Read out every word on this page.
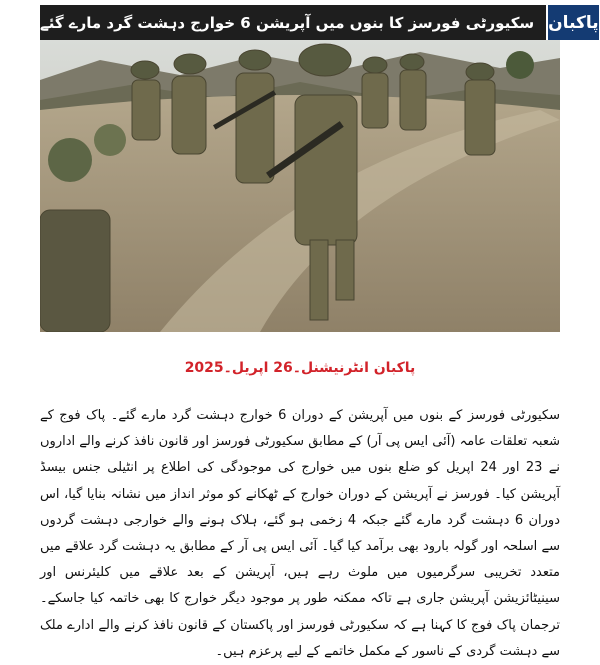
سکیورٹی فورسز کا بنوں میں آپریشن 6 خوارج دہشت گرد مارے گئے پاکبان
پاکبان انٹرنیشنل۔26 اپریل۔2025

سکیورٹی فورسز کے بنوں میں آپریشن کے دوران 6 خوارج دہشت گرد مارے گئے۔ پاک فوج کے شعبہ تعلقات عامہ (آئی ایس پی آر) کے مطابق سکیورٹی فورسز اور قانون نافذ کرنے والے اداروں نے 23 اور 24 اپریل کو ضلع بنوں میں خوارج کی موجودگی کی اطلاع پر انٹیلی جنس بیسڈ آپریشن کیا۔ فورسز نے آپریشن کے دوران خوارج کے ٹھکانے کو موثر انداز میں نشانہ بنایا گیا، اس دوران 6 دہشت گرد مارے گئے جبکہ 4 زخمی ہو گئے، ہلاک ہونے والے خوارجی دہشت گردوں سے اسلحہ اور گولہ بارود بھی برآمد کیا گیا۔ آئی ایس پی آر کے مطابق یہ دہشت گرد علاقے میں متعدد تخریبی سرگرمیوں میں ملوث رہے ہیں، آپریشن کے بعد علاقے میں کلیئرنس اور سینیٹائزیشن آپریشن جاری ہے تاکہ ممکنہ طور پر موجود دیگر خوارج کا بھی خاتمہ کیا جاسکے۔ ترجمان پاک فوج کا کہنا ہے کہ سکیورٹی فورسز اور پاکستان کے قانون نافذ کرنے والے ادارے ملک سے دہشت گردی کے ناسور کے مکمل خاتمے کے لیے پرعزم ہیں۔
